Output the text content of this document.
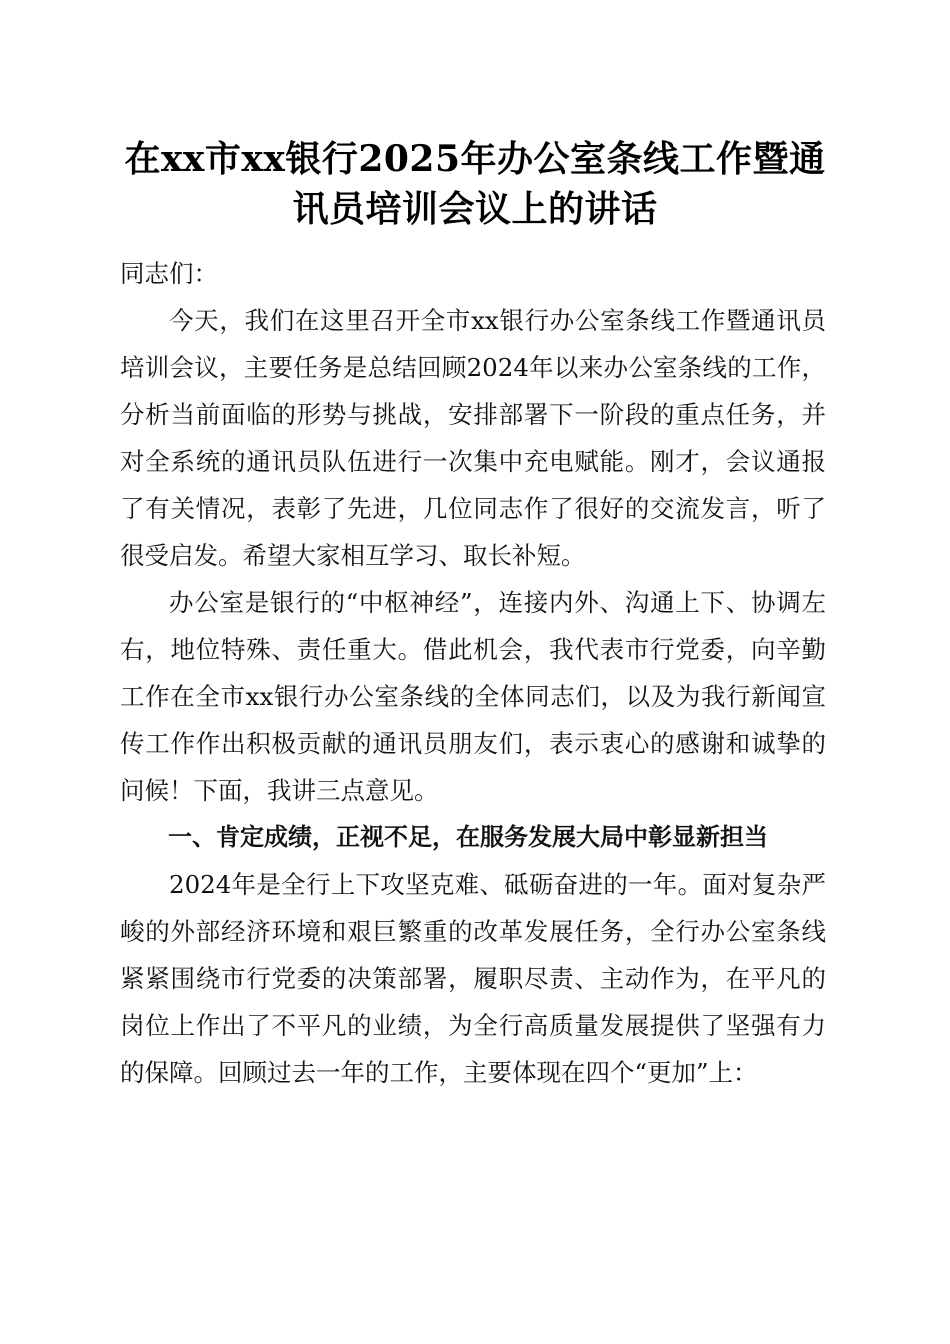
在xx市xx银行2025年办公室条线工作暨通
讯员培训会议上的讲话

同志们：

今天，我们在这里召开全市xx银行办公室条线工作暨通讯员培训会议，主要任务是总结回顾2024年以来办公室条线的工作，分析当前面临的形势与挑战，安排部署下一阶段的重点任务，并对全系统的通讯员队伍进行一次集中充电赋能。刚才，会议通报了有关情况，表彰了先进，几位同志作了很好的交流发言，听了很受启发。希望大家相互学习、取长补短。

办公室是银行的“中枢神经”，连接内外、沟通上下、协调左右，地位特殊、责任重大。借此机会，我代表市行党委，向辛勤工作在全市xx银行办公室条线的全体同志们，以及为我行新闻宣传工作作出积极贡献的通讯员朋友们，表示衷心的感谢和诚挚的问候！下面，我讲三点意见。

一、肯定成绩，正视不足，在服务发展大局中彰显新担当

2024年是全行上下攻坚克难、砥砺奋进的一年。面对复杂严峻的外部经济环境和艰巨繁重的改革发展任务，全行办公室条线紧紧围绕市行党委的决策部署，履职尽责、主动作为，在平凡的岗位上作出了不平凡的业绩，为全行高质量发展提供了坚强有力的保障。回顾过去一年的工作，主要体现在四个“更加”上：
